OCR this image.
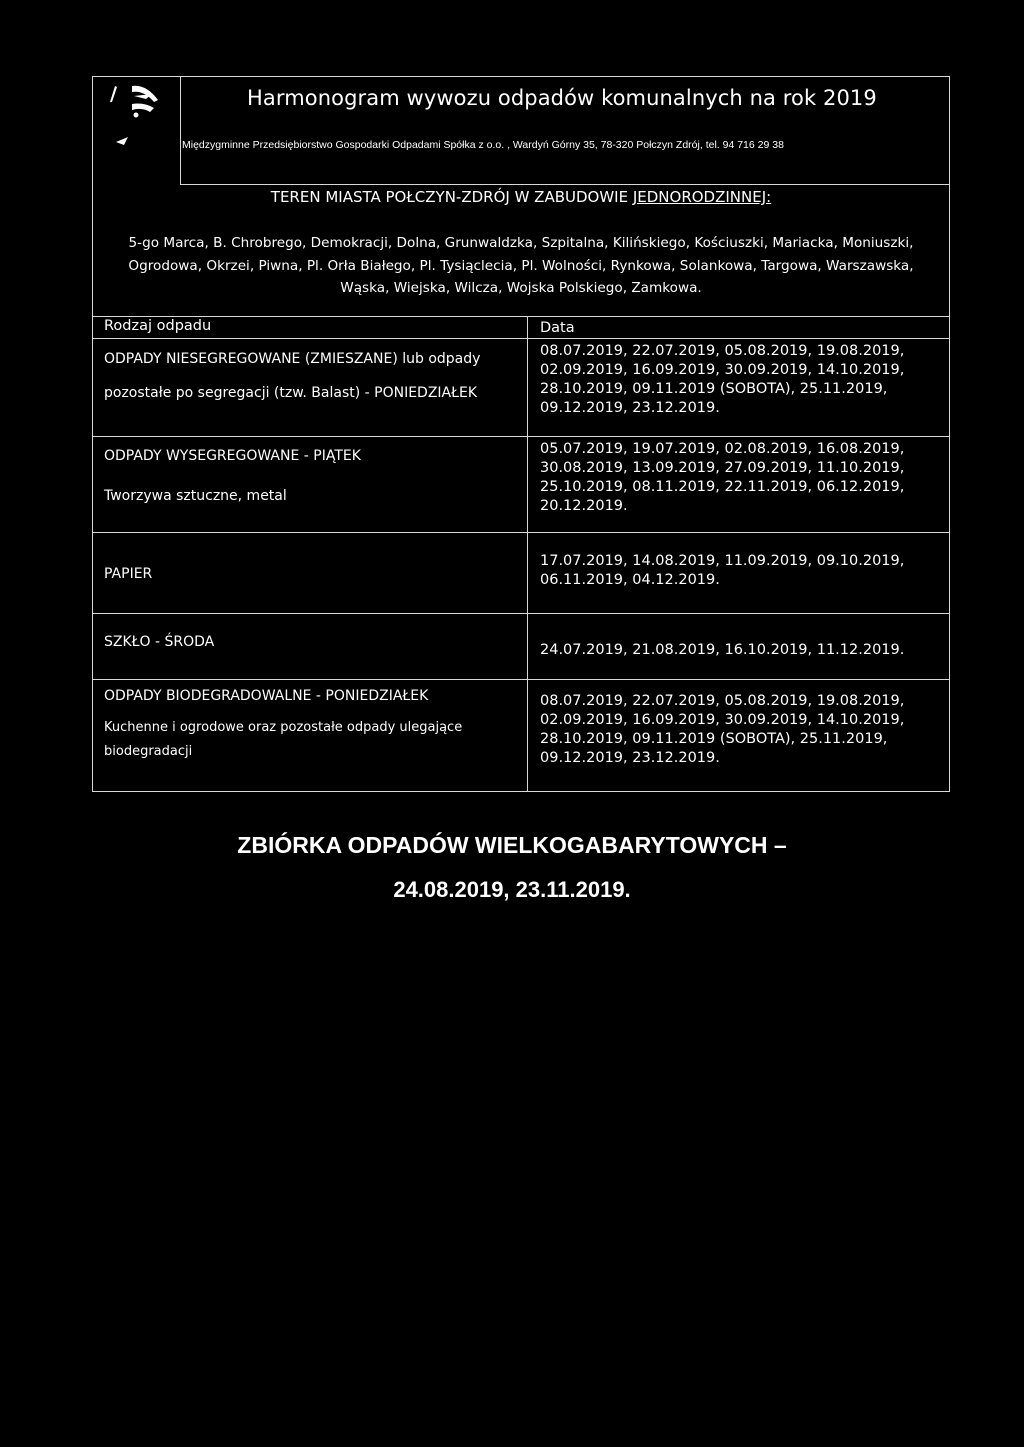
Harmonogram wywozu odpadów komunalnych na rok 2019
Międzygminne Przedsiębiorstwo Gospodarki Odpadami Spółka z o.o. , Wardyń Górny 35, 78-320 Połczyn Zdrój, tel. 94 716 29 38
TEREN MIASTA POŁCZYN-ZDRÓJ W ZABUDOWIE JEDNORODZINNEJ:
5-go Marca, B. Chrobrego, Demokracji, Dolna, Grunwaldzka, Szpitalna, Kilińskiego, Kościuszki, Mariacka, Moniuszki,
Ogrodowa, Okrzei, Piwna, Pl. Orła Białego, Pl. Tysiąclecia, Pl. Wolności, Rynkowa, Solankowa, Targowa, Warszawska,
Wąska, Wiejska, Wilcza, Wojska Polskiego, Zamkowa.
Rodzaj odpadu	Data
ODPADY NIESEGREGOWANE (ZMIESZANE) lub odpady
pozostałe po segregacji (tzw. Balast) - PONIEDZIAŁEK
08.07.2019, 22.07.2019, 05.08.2019, 19.08.2019,
02.09.2019, 16.09.2019, 30.09.2019, 14.10.2019,
28.10.2019, 09.11.2019 (SOBOTA), 25.11.2019,
09.12.2019, 23.12.2019.
ODPADY WYSEGREGOWANE - PIĄTEK
Tworzywa sztuczne, metal
05.07.2019, 19.07.2019, 02.08.2019, 16.08.2019,
30.08.2019, 13.09.2019, 27.09.2019, 11.10.2019,
25.10.2019, 08.11.2019, 22.11.2019, 06.12.2019,
20.12.2019.
PAPIER
17.07.2019, 14.08.2019, 11.09.2019, 09.10.2019,
06.11.2019, 04.12.2019.
SZKŁO - ŚRODA	24.07.2019, 21.08.2019, 16.10.2019, 11.12.2019.
ODPADY BIODEGRADOWALNE - PONIEDZIAŁEK
Kuchenne i ogrodowe oraz pozostałe odpady ulegające
biodegradacji
08.07.2019, 22.07.2019, 05.08.2019, 19.08.2019,
02.09.2019, 16.09.2019, 30.09.2019, 14.10.2019,
28.10.2019, 09.11.2019 (SOBOTA), 25.11.2019,
09.12.2019, 23.12.2019.
ZBIÓRKA ODPADÓW WIELKOGABARYTOWYCH –
24.08.2019, 23.11.2019.
